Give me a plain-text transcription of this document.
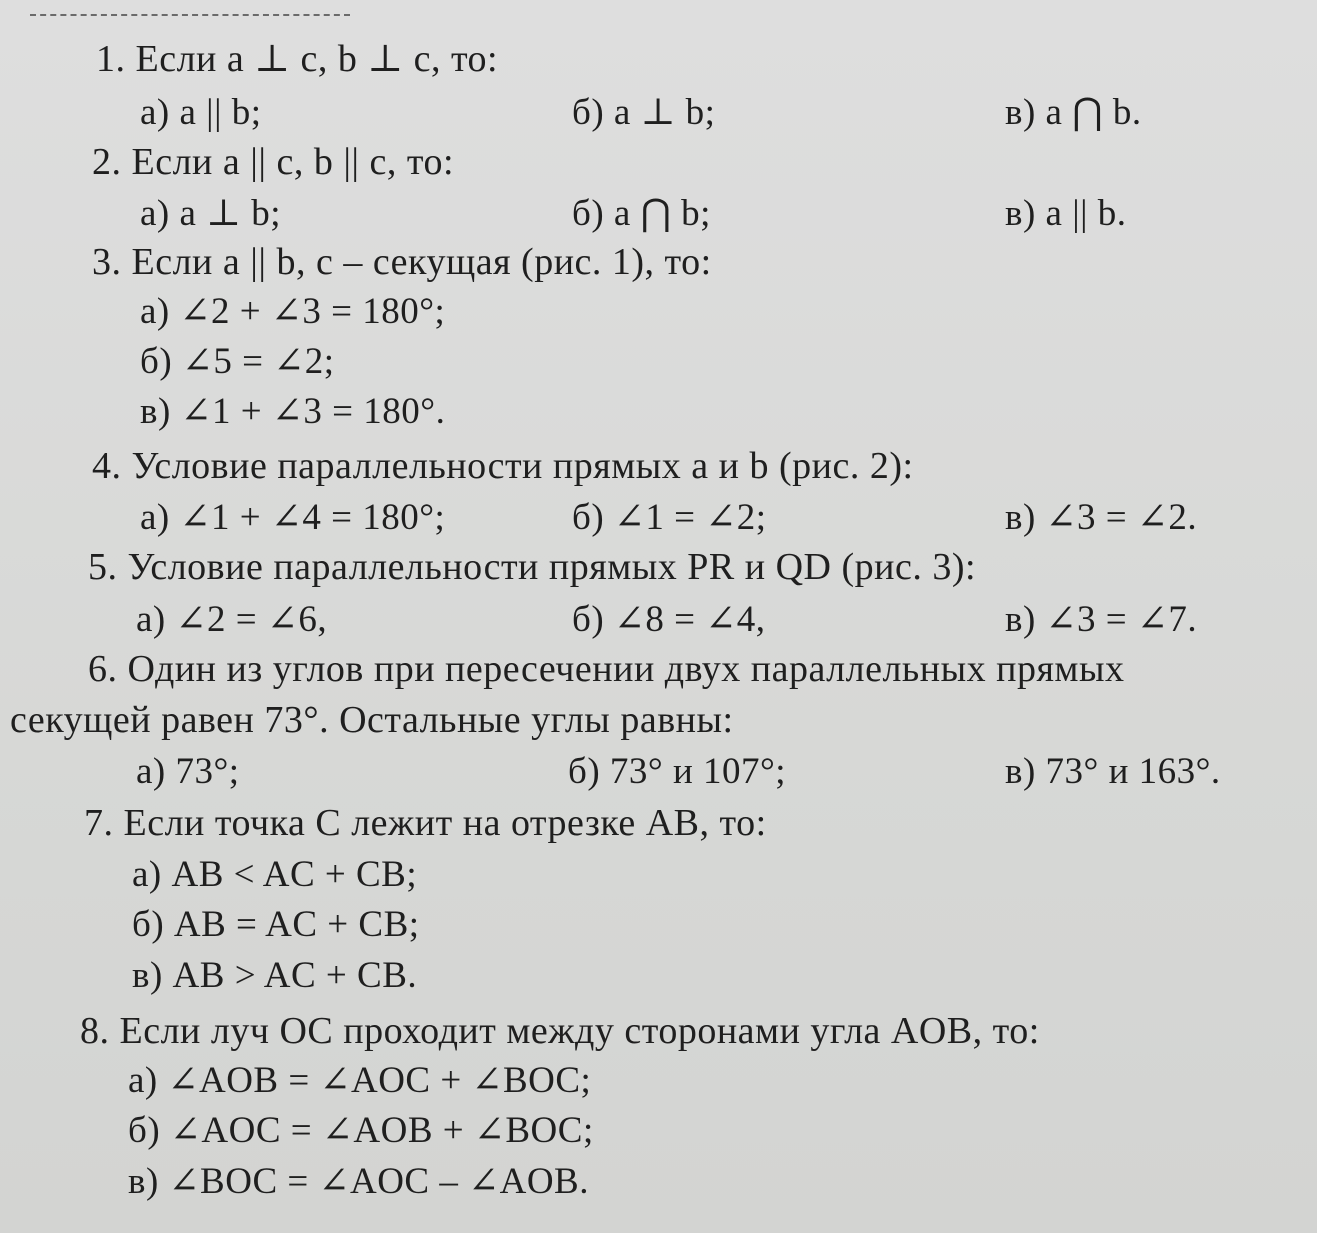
1. Если a ⊥ c, b ⊥ c, то:
а) a || b;	б) a ⊥ b;	в) a ⋂ b.
2. Если a || c, b || c, то:
а) a ⊥ b;	б) a ⋂ b;	в) a || b.
3. Если a || b, c – секущая (рис. 1), то:
а) ∠2 + ∠3 = 180°;
б) ∠5 = ∠2;
в) ∠1 + ∠3 = 180°.
4. Условие параллельности прямых a и b (рис. 2):
а) ∠1 + ∠4 = 180°;	б) ∠1 = ∠2;	в) ∠3 = ∠2.
5. Условие параллельности прямых PR и QD (рис. 3):
а) ∠2 = ∠6,	б) ∠8 = ∠4,	в) ∠3 = ∠7.
6. Один из углов при пересечении двух параллельных прямых
секущей равен 73°. Остальные углы равны:
а) 73°;	б) 73° и 107°;	в) 73° и 163°.
7. Если точка C лежит на отрезке AB, то:
а) AB < AC + CB;
б) AB = AC + CB;
в) AB > AC + CB.
8. Если луч OC проходит между сторонами угла AOB, то:
а) ∠AOB = ∠AOC + ∠BOC;
б) ∠AOC = ∠AOB + ∠BOC;
в) ∠BOC = ∠AOC – ∠AOB.
